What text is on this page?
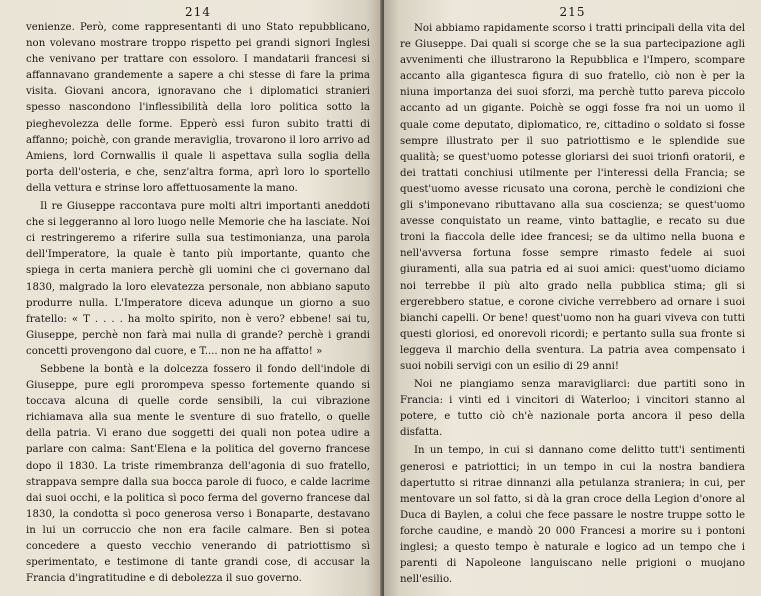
214

venienze. Però, come rappresentanti di uno Stato repubblicano, non volevano mostrare troppo rispetto pei grandi signori Inglesi che venivano per trattare con essoloro. I mandatarii francesi si affannavano grandemente a sapere a chi stesse di fare la prima visita. Giovani ancora, ignoravano che i diplomatici stranieri spesso nascondono l'inflessibilità della loro politica sotto la pieghevolezza delle forme. Epperò essi furon subito tratti di affanno; poichè, con grande meraviglia, trovarono il loro arrivo ad Amiens, lord Cornwallis il quale li aspettava sulla soglia della porta dell'osteria, e che, senz'altra forma, aprì loro lo sportello della vettura e strinse loro affettuosamente la mano.

Il re Giuseppe raccontava pure molti altri importanti aneddoti che si leggeranno al loro luogo nelle Memorie che ha lasciate. Noi ci restringeremo a riferire sulla sua testimonianza, una parola dell'Imperatore, la quale è tanto più importante, quanto che spiega in certa maniera perchè gli uomini che ci governano dal 1830, malgrado la loro elevatezza personale, non abbiano saputo produrre nulla. L'Imperatore diceva adunque un giorno a suo fratello: « T . . . . ha molto spirito, non è vero? ebbene! sai tu, Giuseppe, perchè non farà mai nulla di grande? perchè i grandi concetti provengono dal cuore, e T.... non ne ha affatto! »

Sebbene la bontà e la dolcezza fossero il fondo dell'indole di Giuseppe, pure egli prorompeva spesso fortemente quando si toccava alcuna di quelle corde sensibili, la cui vibrazione richiamava alla sua mente le sventure di suo fratello, o quelle della patria. Vi erano due soggetti dei quali non potea udire a parlare con calma: Sant'Elena e la politica del governo francese dopo il 1830. La triste rimembranza dell'agonia di suo fratello, strappava sempre dalla sua bocca parole di fuoco, e calde lacrime dai suoi occhi, e la politica sì poco ferma del governo francese dal 1830, la condotta sì poco generosa verso i Bonaparte, destavano in lui un corruccio che non era facile calmare. Ben si potea concedere a questo vecchio venerando di patriottismo sì sperimentato, e testimone di tante grandi cose, di accusar la Francia d'ingratitudine e di debolezza il suo governo.

215

Noi abbiamo rapidamente scorso i tratti principali della vita del re Giuseppe. Dai quali si scorge che se la sua partecipazione agli avvenimenti che illustrarono la Repubblica e l'Impero, scompare accanto alla gigantesca figura di suo fratello, ciò non è per la niuna importanza dei suoi sforzi, ma perchè tutto pareva piccolo accanto ad un gigante. Poichè se oggi fosse fra noi un uomo il quale come deputato, diplomatico, re, cittadino o soldato si fosse sempre illustrato per il suo patriottismo e le splendide sue qualità; se quest'uomo potesse gloriarsi dei suoi trionfi oratorii, e dei trattati conchiusi utilmente per l'interessi della Francia; se quest'uomo avesse ricusato una corona, perchè le condizioni che gli s'imponevano ributtavano alla sua coscienza; se quest'uomo avesse conquistato un reame, vinto battaglie, e recato su due troni la fiaccola delle idee francesi; se da ultimo nella buona e nell'avversa fortuna fosse sempre rimasto fedele ai suoi giuramenti, alla sua patria ed ai suoi amici: quest'uomo diciamo noi terrebbe il più alto grado nella pubblica stima; gli si ergerebbero statue, e corone civiche verrebbero ad ornare i suoi bianchi capelli. Or bene! quest'uomo non ha guari viveva con tutti questi gloriosi, ed onorevoli ricordi; e pertanto sulla sua fronte si leggeva il marchio della sventura. La patria avea compensato i suoi nobili servigi con un esilio di 29 anni!

Noi ne piangiamo senza maravigliarci: due partiti sono in Francia: i vinti ed i vincitori di Waterloo; i vincitori stanno al potere, e tutto ciò ch'è nazionale porta ancora il peso della disfatta.

In un tempo, in cui si dannano come delitto tutt'i sentimenti generosi e patriottici; in un tempo in cui la nostra bandiera dapertutto si ritrae dinnanzi alla petulanza straniera; in cui, per mentovare un sol fatto, si dà la gran croce della Legion d'onore al Duca di Baylen, a colui che fece passare le nostre truppe sotto le forche caudine, e mandò 20 000 Francesi a morire su i pontoni inglesi; a questo tempo è naturale e logico ad un tempo che i parenti di Napoleone languiscano nelle prigioni o muojano nell'esilio.
